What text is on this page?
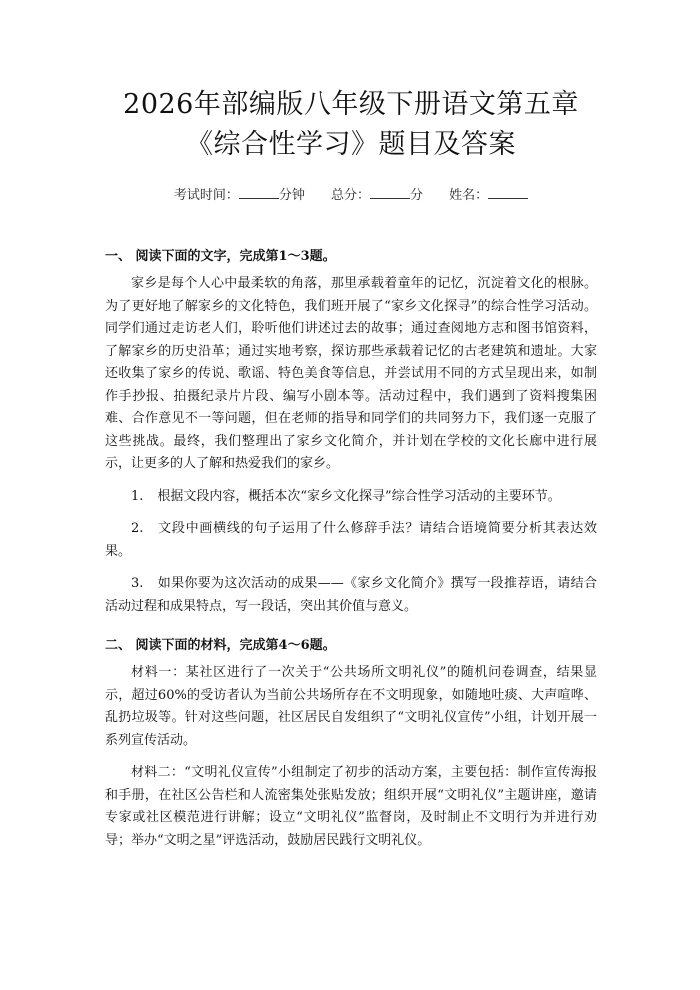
2026年部编版八年级下册语文第五章《综合性学习》题目及答案
考试时间：	分钟 总分：	分 姓名：
一、 阅读下面的文字，完成第1～3题。

家乡是每个人心中最柔软的角落，那里承载着童年的记忆，沉淀着文化的根脉。为了更好地了解家乡的文化特色，我们班开展了“家乡文化探寻”的综合性学习活动。同学们通过走访老人们，聆听他们讲述过去的故事；通过查阅地方志和图书馆资料，了解家乡的历史沿革；通过实地考察，探访那些承载着记忆的古老建筑和遗址。大家还收集了家乡的传说、歌谣、特色美食等信息，并尝试用不同的方式呈现出来，如制作手抄报、拍摄纪录片片段、编写小剧本等。活动过程中，我们遇到了资料搜集困难、合作意见不一等问题，但在老师的指导和同学们的共同努力下，我们逐一克服了这些挑战。最终，我们整理出了家乡文化简介，并计划在学校的文化长廊中进行展示，让更多的人了解和热爱我们的家乡。

1. 根据文段内容，概括本次“家乡文化探寻”综合性学习活动的主要环节。

2. 文段中画横线的句子运用了什么修辞手法？请结合语境简要分析其表达效果。

3. 如果你要为这次活动的成果——《家乡文化简介》撰写一段推荐语，请结合活动过程和成果特点，写一段话，突出其价值与意义。

二、 阅读下面的材料，完成第4～6题。

材料一：某社区进行了一次关于“公共场所文明礼仪”的随机问卷调查，结果显示，超过60%的受访者认为当前公共场所存在不文明现象，如随地吐痰、大声喧哗、乱扔垃圾等。针对这些问题，社区居民自发组织了“文明礼仪宣传”小组，计划开展一系列宣传活动。

材料二：“文明礼仪宣传”小组制定了初步的活动方案，主要包括：制作宣传海报和手册，在社区公告栏和人流密集处张贴发放；组织开展“文明礼仪”主题讲座，邀请专家或社区模范进行讲解；设立“文明礼仪”监督岗，及时制止不文明行为并进行劝导；举办“文明之星”评选活动，鼓励居民践行文明礼仪。
